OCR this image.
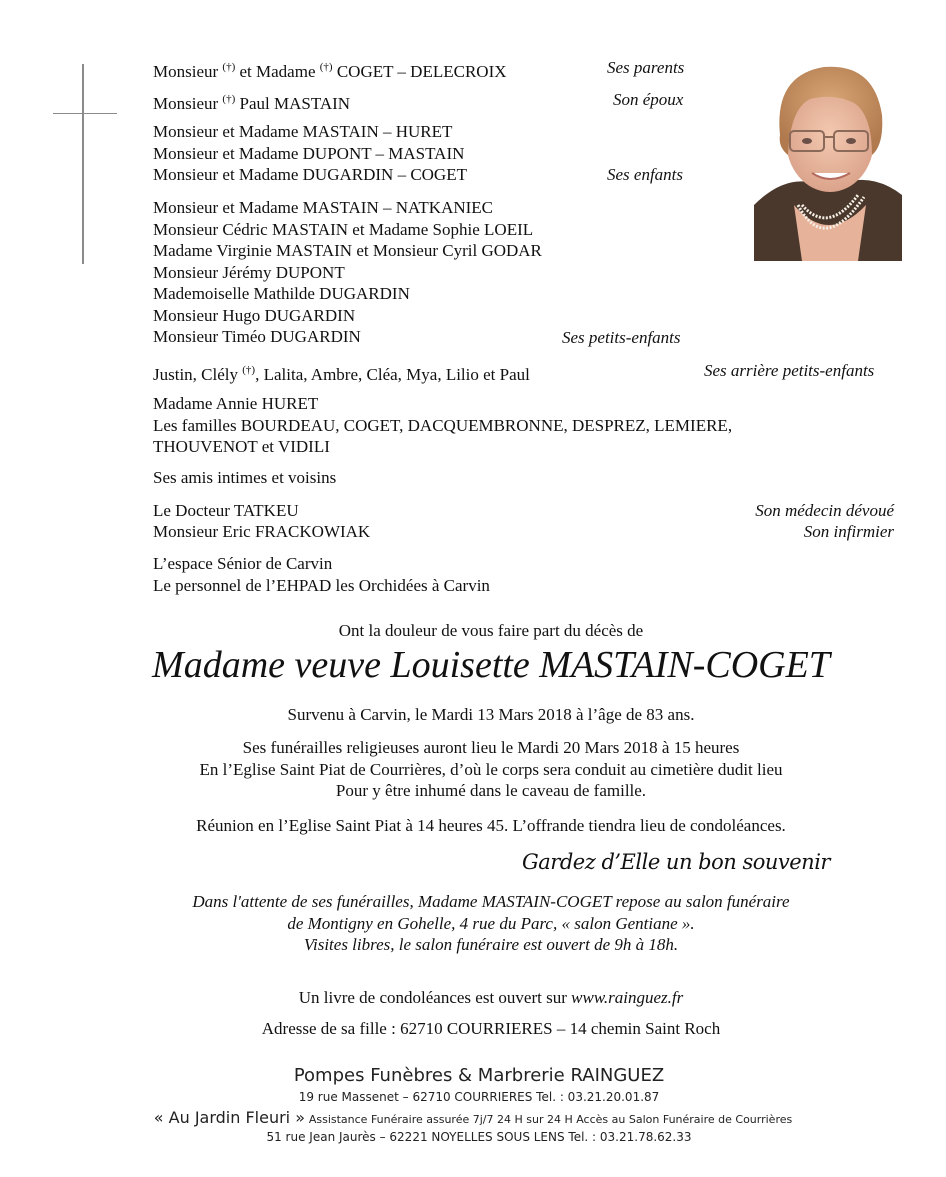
Monsieur (†) et Madame (†) COGET – DELECROIX	Ses parents
Monsieur (†) Paul MASTAIN	Son époux
Monsieur et Madame MASTAIN – HURET
Monsieur et Madame DUPONT – MASTAIN
Monsieur et Madame DUGARDIN – COGET	Ses enfants
Monsieur et Madame MASTAIN – NATKANIEC
Monsieur Cédric MASTAIN et Madame Sophie LOEIL
Madame Virginie MASTAIN et Monsieur Cyril GODAR
Monsieur Jérémy DUPONT
Mademoiselle Mathilde DUGARDIN
Monsieur Hugo DUGARDIN
Monsieur Timéo DUGARDIN	Ses petits-enfants
Justin, Clély (†), Lalita, Ambre, Cléa, Mya, Lilio et Paul	Ses arrière petits-enfants
Madame Annie HURET
Les familles BOURDEAU, COGET, DACQUEMBRONNE, DESPREZ, LEMIERE,
THOUVENOT et VIDILI
Ses amis intimes et voisins
Le Docteur TATKEU	Son médecin dévoué
Monsieur Eric FRACKOWIAK	Son infirmier
L’espace Sénior de Carvin
Le personnel de l’EHPAD les Orchidées à Carvin
Ont la douleur de vous faire part du décès de
Madame veuve Louisette MASTAIN-COGET
Survenu à Carvin, le Mardi 13 Mars 2018 à l’âge de 83 ans.
Ses funérailles religieuses auront lieu le Mardi 20 Mars 2018 à 15 heures
En l’Eglise Saint Piat de Courrières, d’où le corps sera conduit au cimetière dudit lieu
Pour y être inhumé dans le caveau de famille.
Réunion en l’Eglise Saint Piat à 14 heures 45. L’offrande tiendra lieu de condoléances.
Gardez d’Elle un bon souvenir
Dans l'attente de ses funérailles, Madame MASTAIN-COGET repose au salon funéraire
de Montigny en Gohelle, 4 rue du Parc, « salon Gentiane ».
Visites libres, le salon funéraire est ouvert de 9h à 18h.
Un livre de condoléances est ouvert sur www.rainguez.fr
Adresse de sa fille : 62710 COURRIERES – 14 chemin Saint Roch
Pompes Funèbres & Marbrerie RAINGUEZ
19 rue Massenet – 62710 COURRIERES Tel. : 03.21.20.01.87
« Au Jardin Fleuri » Assistance Funéraire assurée 7j/7 24 H sur 24 H Accès au Salon Funéraire de Courrières
51 rue Jean Jaurès – 62221 NOYELLES SOUS LENS Tel. : 03.21.78.62.33
